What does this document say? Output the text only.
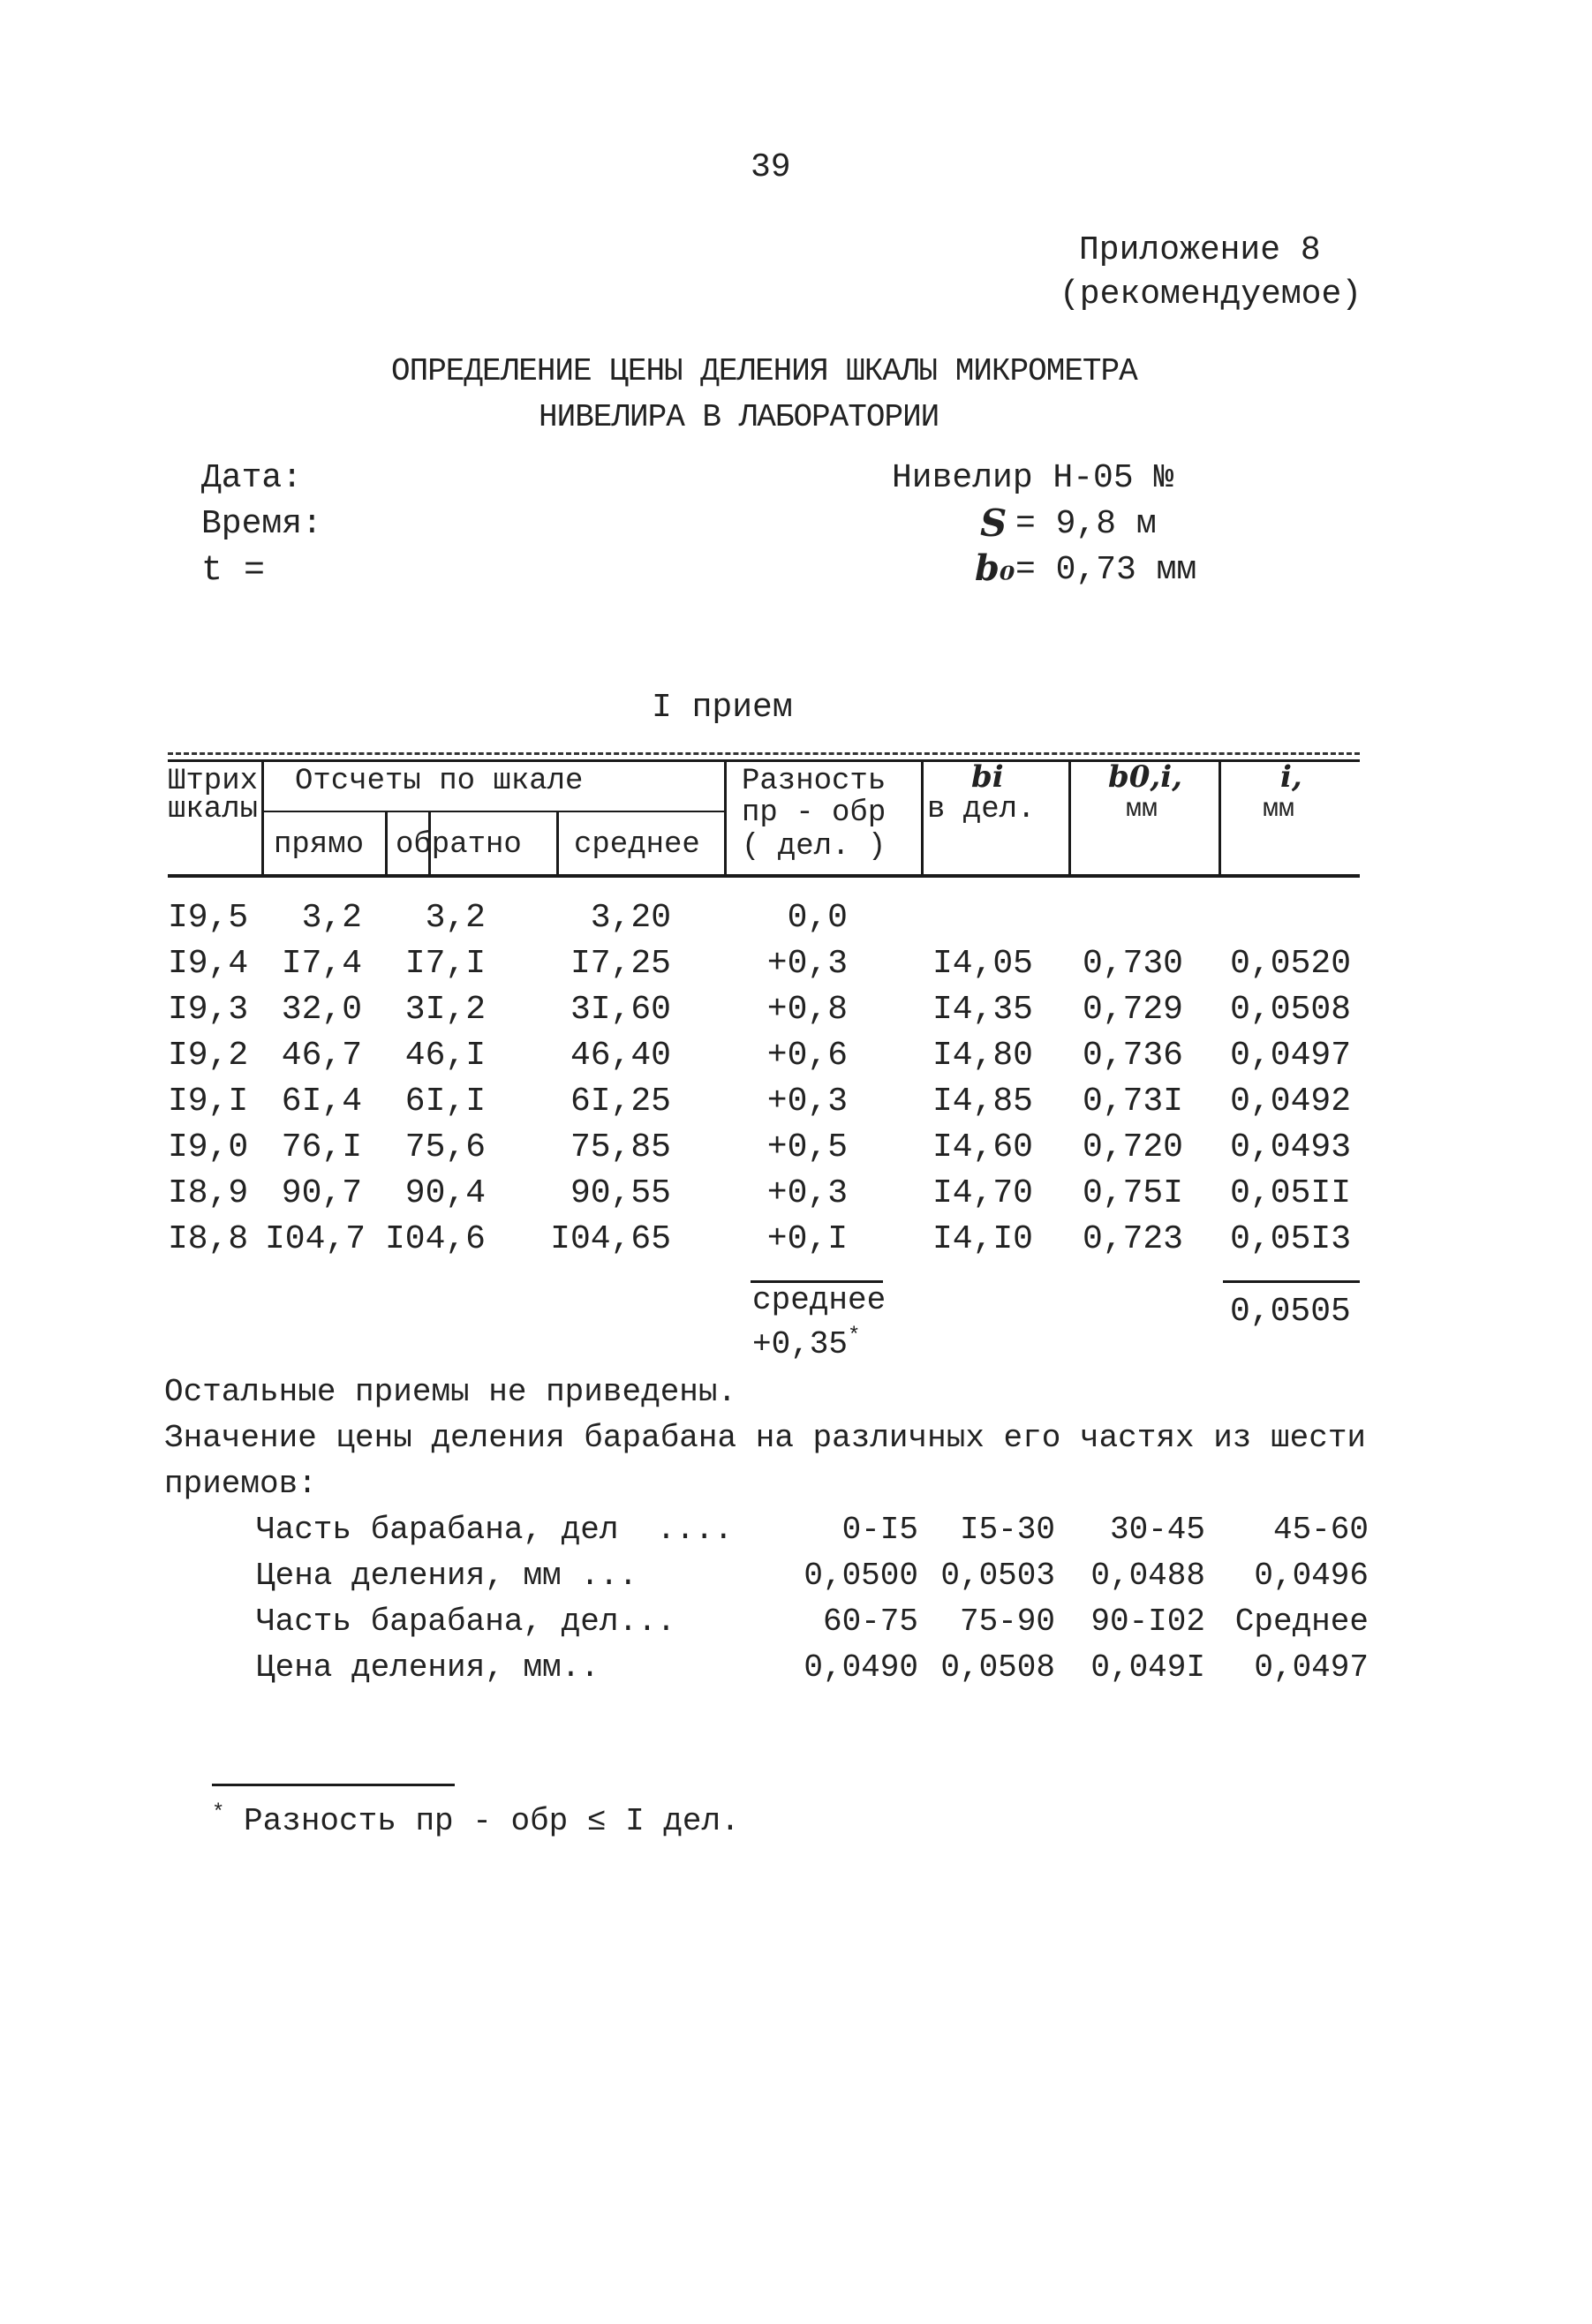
39
Приложение 8
(рекомендуемое)
ОПРЕДЕЛЕНИЕ ЦЕНЫ ДЕЛЕНИЯ ШКАЛЫ МИКРОМЕТРА
НИВЕЛИРА В ЛАБОРАТОРИИ
Дата:
Время:
t =
Нивелир Н-05 №
S = 9,8 м
b₀ = 0,73 мм
I прием
Штрих
шкалы
Отсчеты по шкале
прямо обратно	среднее
Разность
пр - обр
( дел. )
bi
в дел.
b0,i,
мм
i,
мм
I9,5	3,2	3,2	3,20	0,0
I9,4 I7,4	I7,I	I7,25	+0,3	I4,05 0,730 0,0520
I9,3 32,0	3I,2	3I,60	+0,8	I4,35 0,729 0,0508
I9,2 46,7	46,I	46,40	+0,6	I4,80 0,736 0,0497
I9,I 6I,4	6I,I	6I,25	+0,3	I4,85 0,73I 0,0492
I9,0 76,I	75,6	75,85	+0,5	I4,60 0,720 0,0493
I8,9 90,7	90,4	90,55	+0,3	I4,70 0,75I 0,05II
I8,8 I04,7 I04,6	I04,65	+0,I	I4,I0 0,723 0,05I3
среднее
+0,35*
0,0505
Остальные приемы не приведены.
Значение цены деления барабана на различных его частях из шести
приемов:
Часть барабана, дел  ....	0-I5	I5-30	30-45	45-60
Цена деления, мм ...	0,0500 0,0503	0,0488	0,0496
Часть барабана, дел...	60-75	75-90	90-I02 Среднее
Цена деления, мм..	0,0490 0,0508	0,049I	0,0497
* Разность пр - обр ≤ I дел.
